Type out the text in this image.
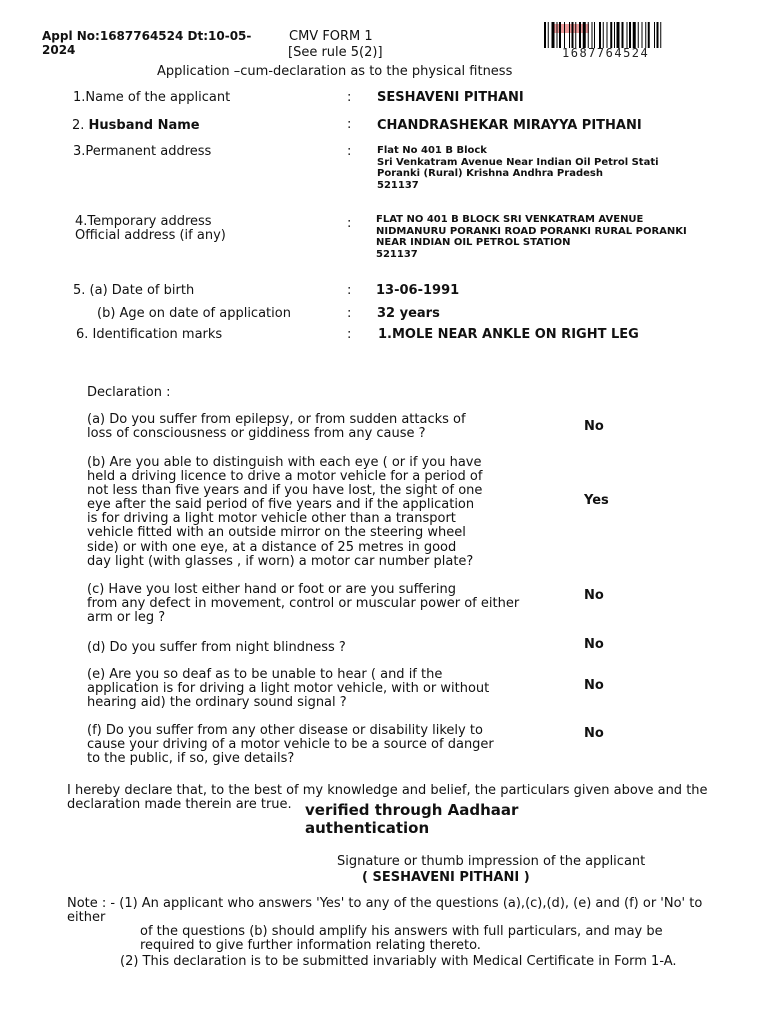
Appl No:1687764524 Dt:10-05-
2024
CMV FORM 1
[See rule 5(2)]
Application –cum-declaration as to the physical fitness
1687764524
1.Name of the applicant	: SESHAVENI PITHANI
2. Husband Name	: CHANDRASHEKAR MIRAYYA PITHANI
3.Permanent address	:	Flat No 401 B Block
Sri Venkatram Avenue Near Indian Oil Petrol Stati
Poranki (Rural) Krishna Andhra Pradesh
521137
4.Temporary address
Official address (if any)
: FLAT NO 401 B BLOCK SRI VENKATRAM AVENUE
NIDMANURU PORANKI ROAD PORANKI RURAL PORANKI
NEAR INDIAN OIL PETROL STATION
521137
5. (a) Date of birth	: 13-06-1991
(b) Age on date of application	: 32 years
6. Identification marks	: 1.MOLE NEAR ANKLE ON RIGHT LEG
Declaration :
(a) Do you suffer from epilepsy, or from sudden attacks of
loss of consciousness or giddiness from any cause ?	No
(b) Are you able to distinguish with each eye ( or if you have
held a driving licence to drive a motor vehicle for a period of
not less than five years and if you have lost, the sight of one
eye after the said period of five years and if the application
is for driving a light motor vehicle other than a transport
vehicle fitted with an outside mirror on the steering wheel
side) or with one eye, at a distance of 25 metres in good
day light (with glasses , if worn) a motor car number plate?
Yes
(c) Have you lost either hand or foot or are you suffering
from any defect in movement, control or muscular power of either
arm or leg ?
No
(d) Do you suffer from night blindness ?	No
(e) Are you so deaf as to be unable to hear ( and if the
application is for driving a light motor vehicle, with or without
hearing aid) the ordinary sound signal ?
No
(f) Do you suffer from any other disease or disability likely to
cause your driving of a motor vehicle to be a source of danger
to the public, if so, give details?
No
I hereby declare that, to the best of my knowledge and belief, the particulars given above and the
declaration made therein are true. verified through Aadhaar
authentication
Signature or thumb impression of the applicant
( SESHAVENI PITHANI )
Note : - (1) An applicant who answers 'Yes' to any of the questions (a),(c),(d), (e) and (f) or 'No' to
either
of the questions (b) should amplify his answers with full particulars, and may be
required to give further information relating thereto.
(2) This declaration is to be submitted invariably with Medical Certificate in Form 1-A.
